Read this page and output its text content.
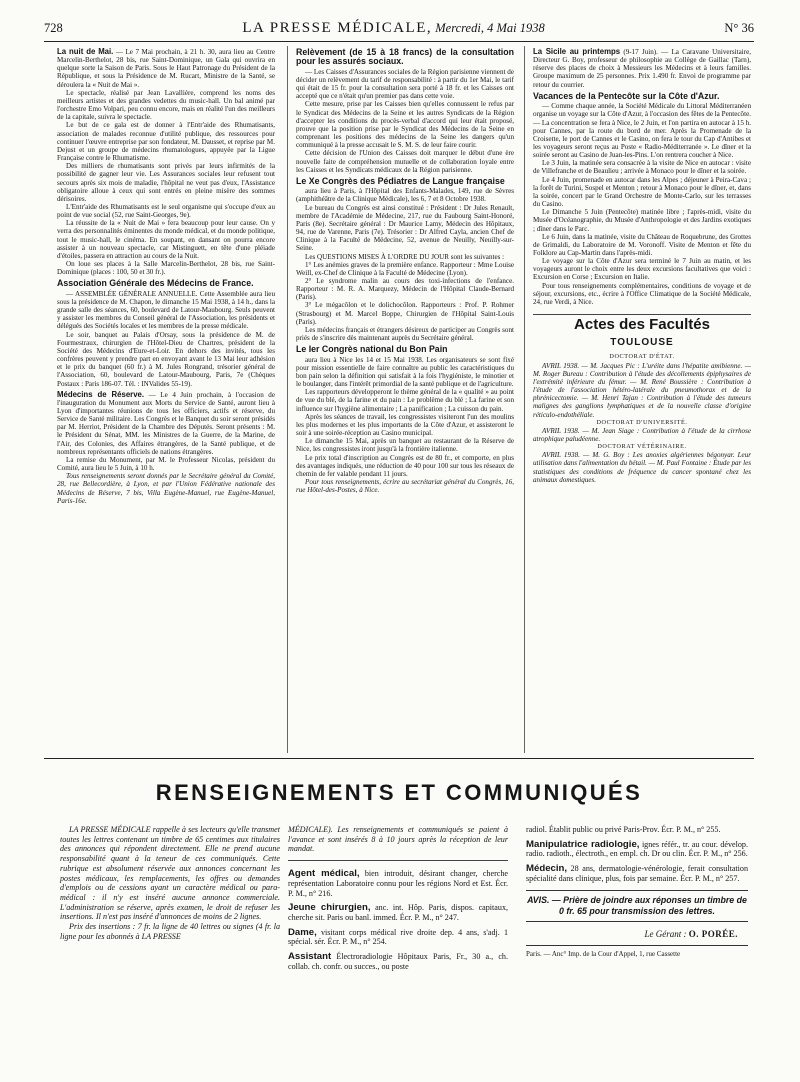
728	LA PRESSE MÉDICALE, Mercredi, 4 Mai 1938	N° 36

La nuit de Mai. — Le 7 Mai prochain, à 21 h. 30, aura lieu au Centre Marcelin-Berthelot, 28 bis, rue Saint-Dominique, un Gala qui ouvrira en quelque sorte la Saison de Paris. Sous le Haut Patronage du Président de la République, et sous la Présidence de M. Rucart, Ministre de la Santé, se déroulera la « Nuit de Mai ».

Le spectacle, réalisé par Jean Lavallière, comprend les noms des meilleurs artistes et des grandes vedettes du music-hall. Un bal animé par l'orchestre Emo Volpari, peu connu encore, mais en réalité l'un des meilleurs de la capitale, suivra le spectacle.

Le but de ce gala est de donner à l'Entr'aide des Rhumatisants, association de malades reconnue d'utilité publique, des ressources pour continuer l'œuvre entreprise par son fondateur, M. Dausset, et reprise par M. Dejust et un groupe de médecins rhumatologues, appuyée par la Ligue Française contre le Rhumatisme.

Des milliers de rhumatisants sont privés par leurs infirmités de la possibilité de gagner leur vie. Les Assurances sociales leur refusent tout secours après six mois de maladie, l'hôpital ne veut pas d'eux, l'Assistance obligatoire alloue à ceux qui sont entrés en pleine misère des sommes dérisoires.

L'Entr'aide des Rhumatisants est le seul organisme qui s'occupe d'eux au point de vue social (52, rue Saint-Georges, 9e).

La réussite de la « Nuit de Mai » fera beaucoup pour leur cause. On y verra des personnalités éminentes du monde médical, et du monde politique, tout le music-hall, le cinéma. En soupant, en dansant on pourra encore assister à un nouveau spectacle, car Mistinguett, en tête d'une pléiade d'étoiles, passera en attraction au cours de la Nuit.

On loue ses places à la Salle Marcelin-Berthelot, 28 bis, rue Saint-Dominique (places : 100, 50 et 30 fr.).

Association Générale des Médecins de France.

— ASSEMBLÉE GÉNÉRALE ANNUELLE. Cette Assemblée aura lieu sous la présidence de M. Chapon, le dimanche 15 Mai 1938, à 14 h., dans la grande salle des séances, 60, boulevard de Latour-Maubourg. Seuls peuvent y assister les membres du Conseil général de l'Association, les présidents et délégués des Sociétés locales et les membres de la presse médicale.

Le soir, banquet au Palais d'Orsay, sous la présidence de M. de Fourmestraux, chirurgien de l'Hôtel-Dieu de Chartres, président de la Société des Médecins d'Eure-et-Loir. En dehors des invités, tous les confrères peuvent y prendre part en envoyant avant le 13 Mai leur adhésion et le prix du banquet (60 fr.) à M. Jules Rongrand, trésorier général de l'Association, 60, boulevard de Latour-Maubourg, Paris, 7e (Chèques Postaux : Paris 186-07. Tél. : INValides 55-19).

Médecins de Réserve. — Le 4 Juin prochain, à l'occasion de l'inauguration du Monument aux Morts du Service de Santé, auront lieu à Lyon d'importantes réunions de tous les officiers, actifs et réserve, du Service de Santé militaire. Les Congrès et le Banquet du soir seront présidés par M. Herriot, Président de la Chambre des Députés. Seront présents : M. le Président du Sénat, MM. les Ministres de la Guerre, de la Marine, de l'Air, des Colonies, des Affaires étrangères, de la Santé publique, et de nombreux représentants officiels de nations étrangères.

La remise du Monument, par M. le Professeur Nicolas, président du Comité, aura lieu le 5 Juin, à 10 h.

Tous renseignements seront donnés par le Secrétaire général du Comité, 28, rue Bellecordière, à Lyon, et par l'Union Fédérative nationale des Médecins de Réserve, 7 bis, Villa Eugène-Manuel, rue Eugène-Manuel, Paris-16e.

Relèvement (de 15 à 18 francs) de la consultation pour les assurés sociaux.

— Les Caisses d'Assurances sociales de la Région parisienne viennent de décider un relèvement du tarif de responsabilité : à partir du 1er Mai, le tarif qui était de 15 fr. pour la consultation sera porté à 18 fr. et les Caisses ont accepté que ce n'était qu'un premier pas dans cette voie.

Cette mesure, prise par les Caisses bien qu'elles connussent le refus par le Syndicat des Médecins de la Seine et les autres Syndicats de la Région d'accepter les conditions du procès-verbal d'accord qui leur était proposé, prouve que la position prise par le Syndicat des Médecins de la Seine en comprenant les positions des médecins de la Seine les dangers qu'un communiqué à la presse accusait le S. M. S. de leur faire courir.

Cette décision de l'Union des Caisses doit marquer le début d'une ère nouvelle faite de compréhension mutuelle et de collaboration loyale entre les Caisses et les Syndicats médicaux de la Région parisienne.

Le Xe Congrès des Pédiatres de Langue française

aura lieu à Paris, à l'Hôpital des Enfants-Malades, 149, rue de Sèvres (amphithéâtre de la Clinique Médicale), les 6, 7 et 8 Octobre 1938.

Le bureau du Congrès est ainsi constitué : Président : Dr Jules Renault, membre de l'Académie de Médecine, 217, rue du Faubourg Saint-Honoré, Paris (8e). Secrétaire général : Dr Maurice Lamy, Médecin des Hôpitaux, 94, rue de Varenne, Paris (7e). Trésorier : Dr Alfred Cayla, ancien Chef de Clinique à la Faculté de Médecine, 52, avenue de Neuilly, Neuilly-sur-Seine.

Les QUESTIONS MISES À L'ORDRE DU JOUR sont les suivantes :

1° Les anémies graves de la première enfance. Rapporteur : Mme Louise Weill, ex-Chef de Clinique à la Faculté de Médecine (Lyon).

2° Le syndrome malin au cours des toxi-infections de l'enfance. Rapporteur : M. R. A. Marquezy, Médecin de l'Hôpital Claude-Bernard (Paris).

3° Le mégacôlon et le dolichocôlon. Rapporteurs : Prof. P. Rohmer (Strasbourg) et M. Marcel Boppe, Chirurgien de l'Hôpital Saint-Louis (Paris).

Les médecins français et étrangers désireux de participer au Congrès sont priés de s'inscrire dès maintenant auprès du Secrétaire général.

Le Ier Congrès national du Bon Pain

aura lieu à Nice les 14 et 15 Mai 1938. Les organisateurs se sont fixé pour mission essentielle de faire connaître au public les caractéristiques du bon pain selon la définition qui satisfait à la fois l'hygiéniste, le minotier et le boulanger, dans l'intérêt primordial de la santé publique et de l'agriculture.

Les rapporteurs développeront le thème général de la « qualité » au point de vue du blé, de la farine et du pain : Le problème du blé ; La farine et son influence sur l'hygiène alimentaire ; La panification ; La cuisson du pain.

Après les séances de travail, les congressistes visiteront l'un des moulins les plus modernes et les plus importants de la Côte d'Azur, et assisteront le soir à une soirée-réception au Casino municipal.

Le dimanche 15 Mai, après un banquet au restaurant de la Réserve de Nice, les congressistes iront jusqu'à la frontière italienne.

Le prix total d'inscription au Congrès est de 80 fr., et comporte, en plus des avantages indiqués, une réduction de 40 pour 100 sur tous les réseaux de chemin de fer valable pendant 11 jours.

Pour tous renseignements, écrire au secrétariat général du Congrès, 16, rue Hôtel-des-Postes, à Nice.

La Sicile au printemps (9-17 Juin). — La Caravane Universitaire, Directeur G. Boy, professeur de philosophie au Collège de Gaillac (Tarn), réserve des places de choix à Messieurs les Médecins et à leurs familles. Groupe maximum de 25 personnes. Prix 1.490 fr. Envoi de programme par retour du courrier.

Vacances de la Pentecôte sur la Côte d'Azur.

— Comme chaque année, la Société Médicale du Littoral Méditerranéen organise un voyage sur la Côte d'Azur, à l'occasion des fêtes de la Pentecôte. — La concentration se fera à Nice, le 2 Juin, et l'on partira en autocar à 15 h. pour Cannes, par la route du bord de mer. Après la Promenade de la Croisette, le port de Cannes et le Casino, on fera le tour du Cap d'Antibes et les voyageurs seront reçus au Poste « Radio-Méditerranée ». Le dîner et la soirée seront au Casino de Juan-les-Pins. L'on rentrera coucher à Nice.

Le 3 Juin, la matinée sera consacrée à la visite de Nice en autocar : visite de Villefranche et de Beaulieu ; arrivée à Monaco pour le dîner et la soirée.

Le 4 Juin, promenade en autocar dans les Alpes ; déjeuner à Peira-Cava ; la forêt de Turini, Sospel et Menton ; retour à Monaco pour le dîner, et, dans la soirée, concert par le Grand Orchestre de Monte-Carlo, sur les terrasses du Casino.

Le Dimanche 5 Juin (Pentecôte) matinée libre ; l'après-midi, visite du Musée d'Océanographie, du Musée d'Anthropologie et des Jardins exotiques ; dîner dans le Parc.

Le 6 Juin, dans la matinée, visite du Château de Roquebrune, des Grottes de Grimaldi, du Laboratoire de M. Voronoff. Visite de Menton et fête du Folklore au Cap-Martin dans l'après-midi.

Le voyage sur la Côte d'Azur sera terminé le 7 Juin au matin, et les voyageurs auront le choix entre les deux excursions facultatives que voici : Excursion en Corse ; Excursion en Italie.

Pour tous renseignements complémentaires, conditions de voyage et de séjour, excursions, etc., écrire à l'Office Climatique de la Société Médicale, 24, rue Verdi, à Nice.

Actes des Facultés
TOULOUSE

DOCTORAT D'ÉTAT.

AVRIL 1938. — M. Jacques Pic : L'uréite dans l'hépatite amibienne. — M. Roger Bureau : Contribution à l'étude des décollements épiphysaires de l'extrémité inférieure du fémur. — M. René Boussière : Contribution à l'étude de l'association hétéro-latérale du pneumothorax et de la phrénicectomie. — M. Henri Tajan : Contribution à l'étude des tumeurs malignes des ganglions lymphatiques et de la nouvelle classe d'origine réticulo-endothéliale.

DOCTORAT D'UNIVERSITÉ.

AVRIL 1938. — M. Jean Siage : Contribution à l'étude de la cirrhose atrophique paludéenne.

DOCTORAT VÉTÉRINAIRE.

AVRIL 1938. — M. G. Boy : Les anoxies algériennes bégonyar. Leur utilisation dans l'alimentation du bétail. — M. Paul Fontaine : Étude par les statistiques des conditions de fréquence du cancer spontané chez les animaux domestiques.

RENSEIGNEMENTS ET COMMUNIQUÉS

LA PRESSE MÉDICALE rappelle à ses lecteurs qu'elle transmet toutes les lettres contenant un timbre de 65 centimes aux titulaires des annonces qui répondent directement. Elle ne prend aucune responsabilité quant à la teneur de ces communiqués. Cette rubrique est absolument réservée aux annonces concernant les postes médicaux, les remplacements, les offres ou demandes d'emplois ou de cessions ayant un caractère médical ou para-médical : il n'y est inséré aucune annonce commerciale. L'administration se réserve, après examen, le droit de refuser les insertions. Il n'est pas inséré d'annonces de moins de 2 lignes.

Prix des insertions : 7 fr. la ligne de 40 lettres ou signes (4 fr. la ligne pour les abonnés à LA PRESSE

MÉDICALE). Les renseignements et communiqués se paient à l'avance et sont insérés 8 à 10 jours après la réception de leur mandat.

Agent médical, bien introduit, désirant changer, cherche représentation Laboratoire connu pour les régions Nord et Est. Écr. P. M., n° 216.

Jeune chirurgien, anc. int. Hôp. Paris, dispos. capitaux, cherche sit. Paris ou banl. immed. Écr. P. M., n° 247.

Dame, visitant corps médical rive droite dep. 4 ans, s'adj. 1 spécial. sér. Écr. P. M., n° 254.

Assistant Électroradiologie Hôpitaux Paris, Fr., 30 a., ch. collab. ch. confr. ou succes., ou poste

radiol. Établit public ou privé Paris-Prov. Écr. P. M., n° 255.

Manipulatrice radiologie, ignes référ., tr. au cour. dévelop. radio. radioth., électroth., en empl. ch. Dr ou clin. Écr. P. M., n° 256.

Médecin, 28 ans, dermatologie-vénérologie, ferait consultation spécialité dans clinique, plus, fois par semaine. Écr. P. M., n° 257.

AVIS. — Prière de joindre aux réponses un timbre de 0 fr. 65 pour transmission des lettres.
Le Gérant : O. PORÉE.
Paris. — Anc° Imp. de la Cour d'Appel, 1, rue Cassette
